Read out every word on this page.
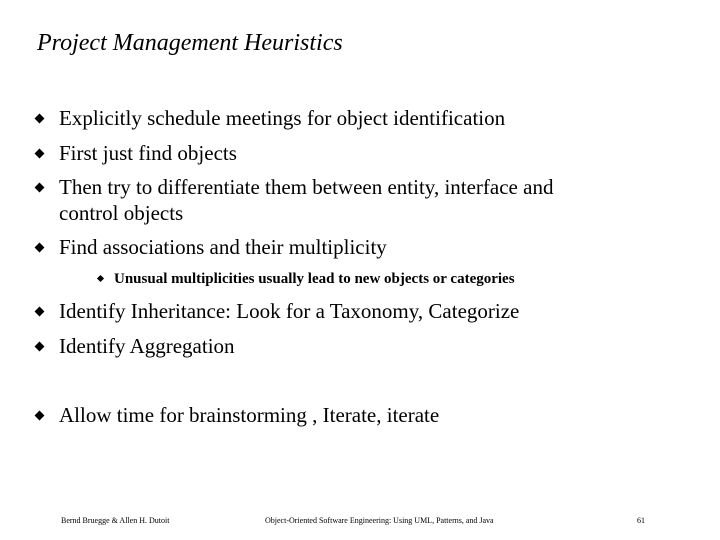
Project Management Heuristics
Explicitly schedule meetings for object identification
First just find objects
Then try to differentiate them between entity, interface and
control objects
Find associations and their multiplicity
Unusual multiplicities usually lead to new objects or categories
Identify Inheritance: Look for a Taxonomy, Categorize
Identify Aggregation
Allow time for brainstorming , Iterate, iterate
Bernd Bruegge & Allen H. Dutoit	Object-Oriented Software Engineering: Using UML, Patterns, and Java	61
